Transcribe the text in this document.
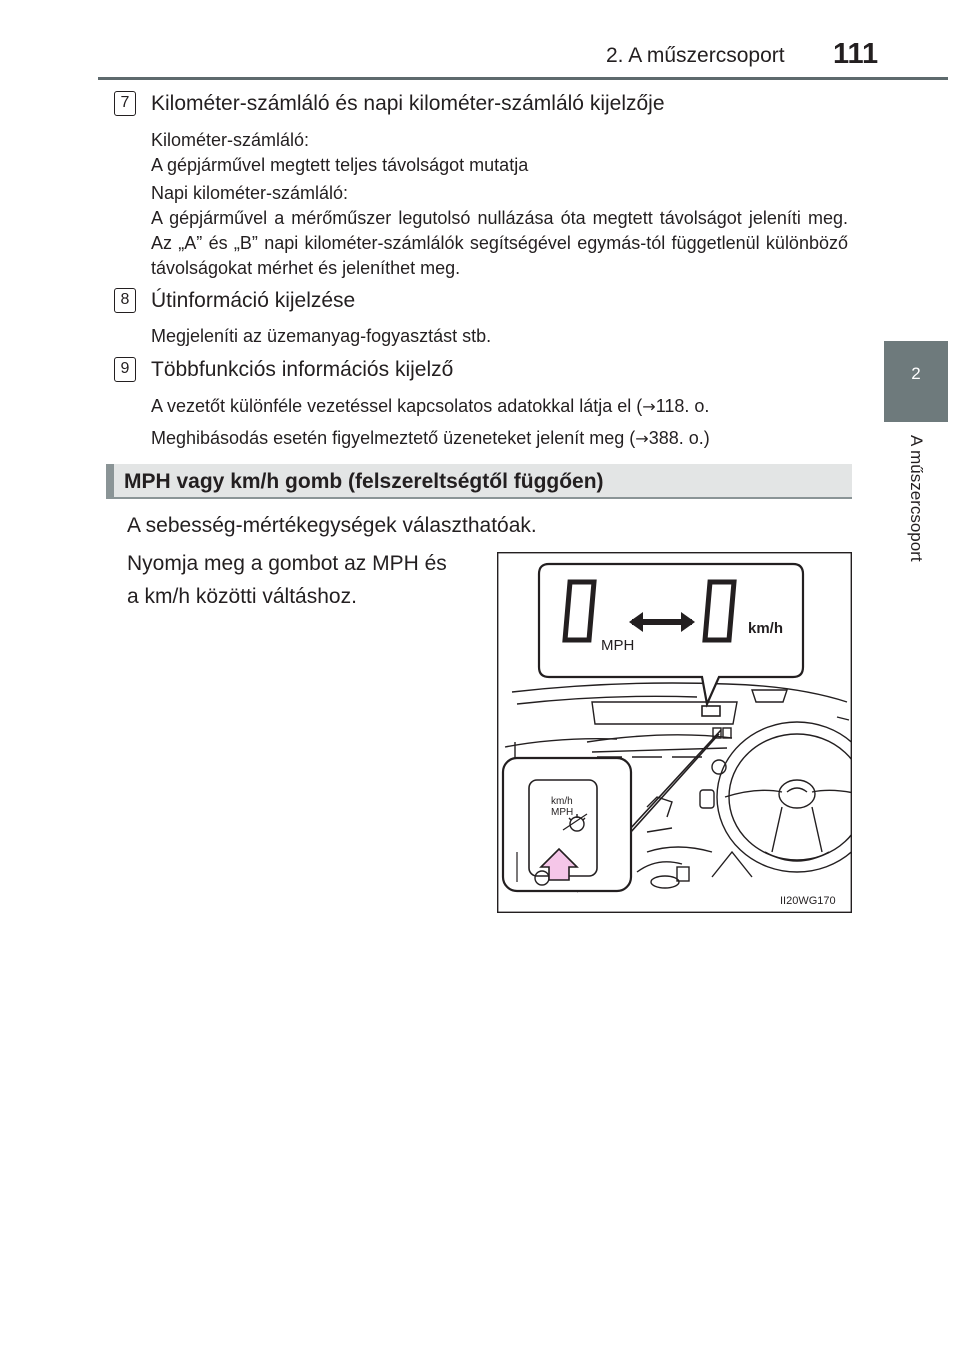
2. A műszercsoport 111
2
A műszercsoport
7	Kilométer-számláló és napi kilométer-számláló kijelzője
Kilométer-számláló:
A gépjárművel megtett teljes távolságot mutatja
Napi kilométer-számláló:
A gépjárművel a mérőműszer legutolsó nullázása óta megtett távolságot jeleníti meg. Az „A” és „B” napi kilométer-számlálók segítségével egymás-tól függetlenül különböző távolságokat mérhet és jeleníthet meg.
8	Útinformáció kijelzése
Megjeleníti az üzemanyag-fogyasztást stb.
9	Többfunkciós információs kijelző
A vezetőt különféle vezetéssel kapcsolatos adatokkal látja el (→118. o.
Meghibásodás esetén figyelmeztető üzeneteket jelenít meg (→388. o.)
MPH vagy km/h gomb (felszereltségtől függően)
A sebesség-mértékegységek választhatóak.
Nyomja meg a gombot az MPH és
a km/h közötti váltáshoz.
MPH
km/h
km/h
MPH
II20WG170
